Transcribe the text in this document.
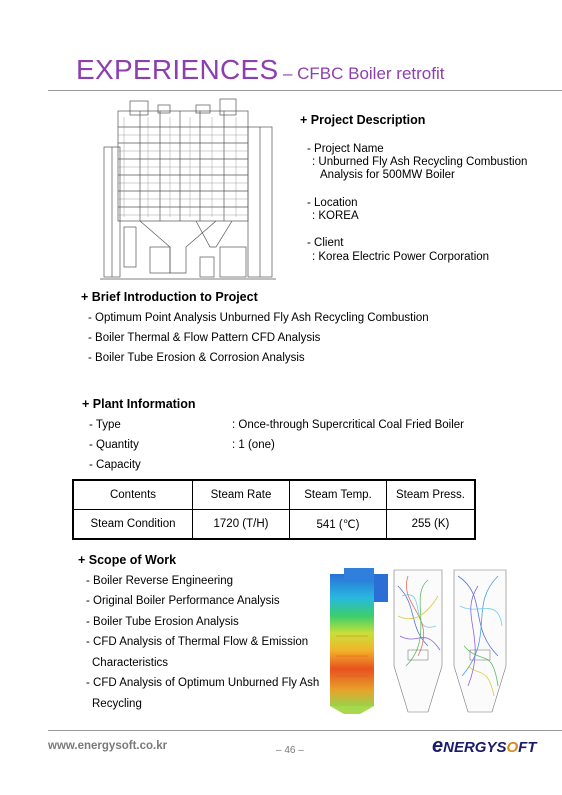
EXPERIENCES – CFBC Boiler retrofit
+ Project Description
- Project Name
: Unburned Fly Ash Recycling Combustion
Analysis for 500MW Boiler
- Location
: KOREA
- Client
: Korea Electric Power Corporation
+ Brief Introduction to Project
- Optimum Point Analysis Unburned Fly Ash Recycling Combustion
- Boiler Thermal & Flow Pattern CFD Analysis
- Boiler Tube Erosion & Corrosion Analysis
+ Plant Information
- Type	: Once-through Supercritical Coal Fried Boiler
- Quantity	: 1 (one)
- Capacity
Contents	Steam Rate	Steam Temp.	Steam Press.
Steam Condition	1720 (T/H)	541 (℃)	255 (K)
+ Scope of Work
- Boiler Reverse Engineering
- Original Boiler Performance Analysis
- Boiler Tube Erosion Analysis
- CFD Analysis of Thermal Flow & Emission
Characteristics
- CFD Analysis of Optimum Unburned Fly Ash
Recycling
www.energysoft.co.kr	– 46 –	eNERGYSOFT
